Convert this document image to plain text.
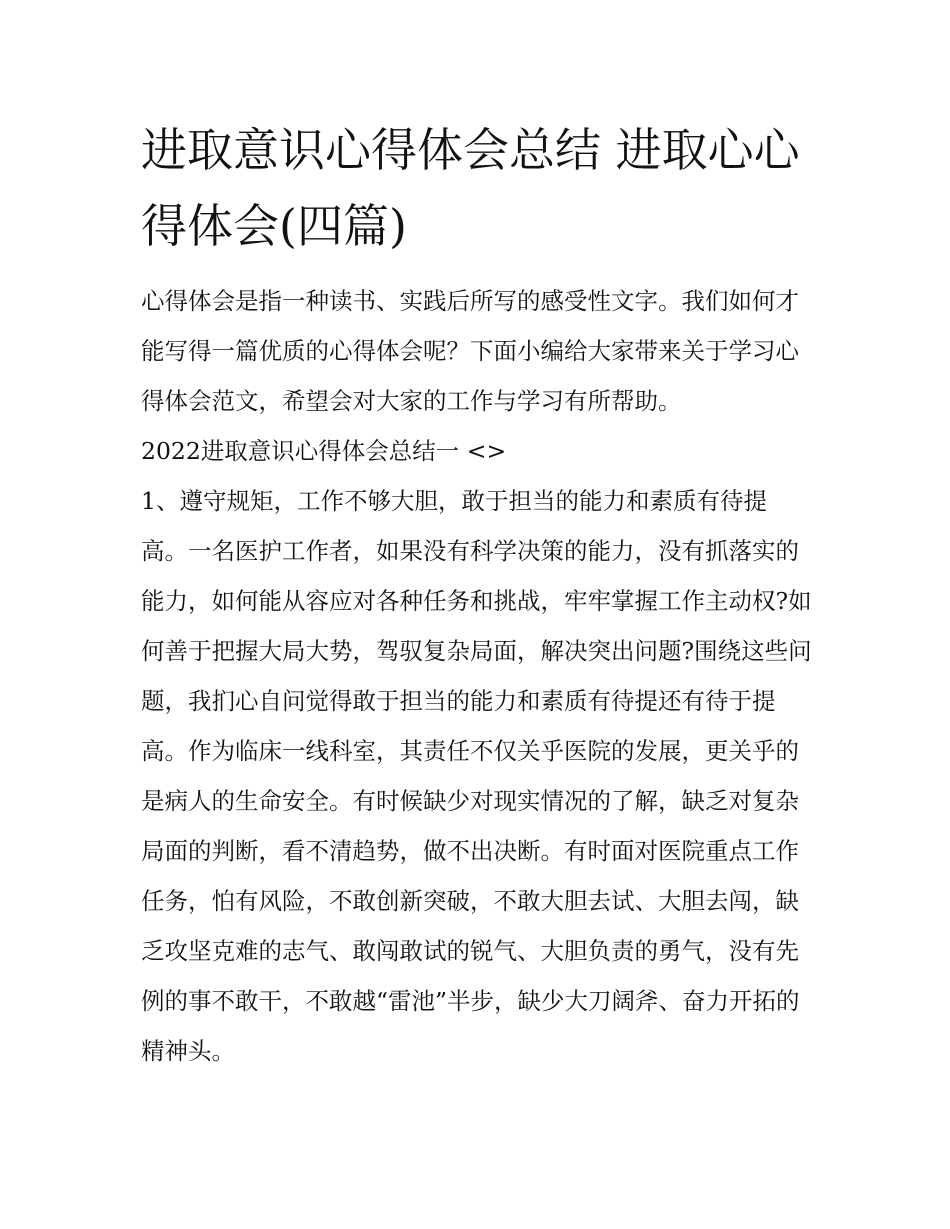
进取意识心得体会总结 进取心心得体会(四篇)

心得体会是指一种读书、实践后所写的感受性文字。我们如何才能写得一篇优质的心得体会呢？下面小编给大家带来关于学习心得体会范文，希望会对大家的工作与学习有所帮助。

2022进取意识心得体会总结一 <>

1、遵守规矩，工作不够大胆，敢于担当的能力和素质有待提高。一名医护工作者，如果没有科学决策的能力，没有抓落实的能力，如何能从容应对各种任务和挑战，牢牢掌握工作主动权?如何善于把握大局大势，驾驭复杂局面，解决突出问题?围绕这些问题，我扪心自问觉得敢于担当的能力和素质有待提还有待于提高。作为临床一线科室，其责任不仅关乎医院的发展，更关乎的是病人的生命安全。有时候缺少对现实情况的了解，缺乏对复杂局面的判断，看不清趋势，做不出决断。有时面对医院重点工作任务，怕有风险，不敢创新突破，不敢大胆去试、大胆去闯，缺乏攻坚克难的志气、敢闯敢试的锐气、大胆负责的勇气，没有先例的事不敢干，不敢越“雷池”半步，缺少大刀阔斧、奋力开拓的精神头。
